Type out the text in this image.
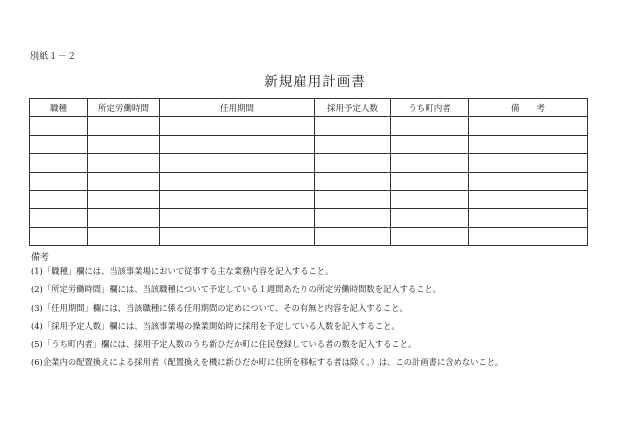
別紙１－２
新規雇用計画書
職種	所定労働時間	任用期間	採用予定人数	うち町内者	備　　考

備考
(1)「職種」欄には、当該事業場において従事する主な業務内容を記入すること。
(2)「所定労働時間」欄には、当該職種について予定している１週間あたりの所定労働時間数を記入すること。
(3)「任用期間」欄には、当該職種に係る任用期間の定めについて、その有無と内容を記入すること。
(4)「採用予定人数」欄には、当該事業場の操業開始時に採用を予定している人数を記入すること。
(5)「うち町内者」欄には、採用予定人数のうち新ひだか町に住民登録している者の数を記入すること。
(6)企業内の配置換えによる採用者（配置換えを機に新ひだか町に住所を移転する者は除く。）は、この計画書に含めないこと。
